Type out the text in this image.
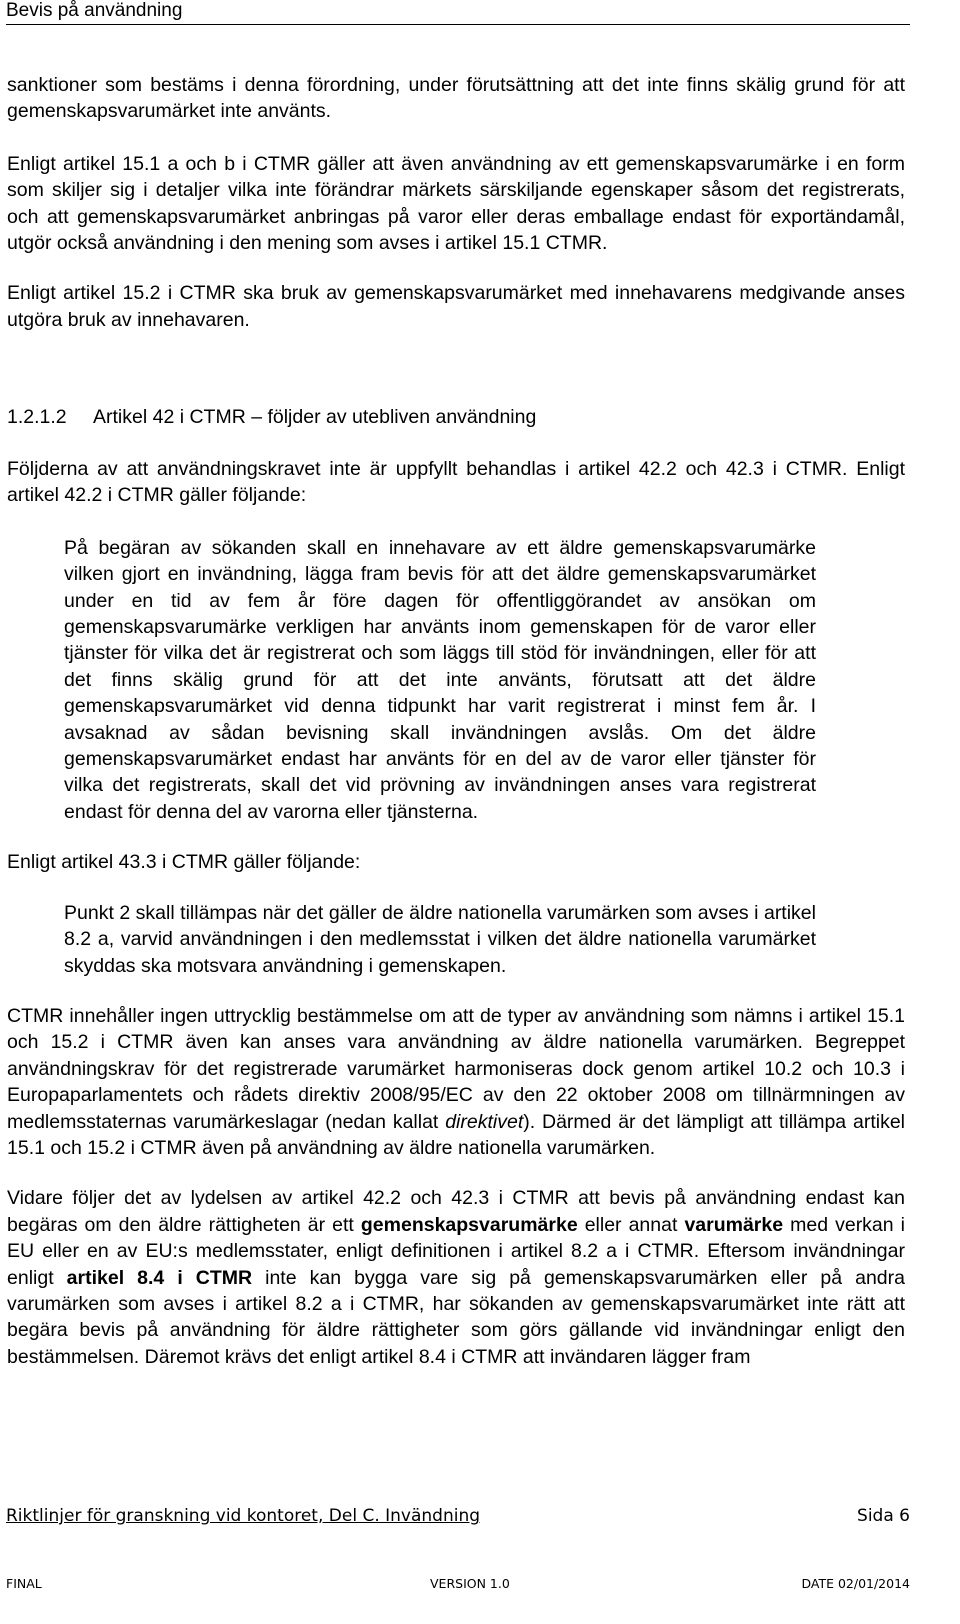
Bevis på användning

sanktioner som bestäms i denna förordning, under förutsättning att det inte finns skälig grund för att gemenskapsvarumärket inte använts.

Enligt artikel 15.1 a och b i CTMR gäller att även användning av ett gemenskapsvarumärke i en form som skiljer sig i detaljer vilka inte förändrar märkets särskiljande egenskaper såsom det registrerats, och att gemenskapsvarumärket anbringas på varor eller deras emballage endast för exportändamål, utgör också användning i den mening som avses i artikel 15.1 CTMR.

Enligt artikel 15.2 i CTMR ska bruk av gemenskapsvarumärket med innehavarens medgivande anses utgöra bruk av innehavaren.

1.2.1.2 Artikel 42 i CTMR – följder av utebliven användning

Följderna av att användningskravet inte är uppfyllt behandlas i artikel 42.2 och 42.3 i CTMR. Enligt artikel 42.2 i CTMR gäller följande:

På begäran av sökanden skall en innehavare av ett äldre gemenskapsvarumärke vilken gjort en invändning, lägga fram bevis för att det äldre gemenskapsvarumärket under en tid av fem år före dagen för offentliggörandet av ansökan om gemenskapsvarumärke verkligen har använts inom gemenskapen för de varor eller tjänster för vilka det är registrerat och som läggs till stöd för invändningen, eller för att det finns skälig grund för att det inte använts, förutsatt att det äldre gemenskapsvarumärket vid denna tidpunkt har varit registrerat i minst fem år. I avsaknad av sådan bevisning skall invändningen avslås. Om det äldre gemenskapsvarumärket endast har använts för en del av de varor eller tjänster för vilka det registrerats, skall det vid prövning av invändningen anses vara registrerat endast för denna del av varorna eller tjänsterna.

Enligt artikel 43.3 i CTMR gäller följande:

Punkt 2 skall tillämpas när det gäller de äldre nationella varumärken som avses i artikel 8.2 a, varvid användningen i den medlemsstat i vilken det äldre nationella varumärket skyddas ska motsvara användning i gemenskapen.

CTMR innehåller ingen uttrycklig bestämmelse om att de typer av användning som nämns i artikel 15.1 och 15.2 i CTMR även kan anses vara användning av äldre nationella varumärken. Begreppet användningskrav för det registrerade varumärket harmoniseras dock genom artikel 10.2 och 10.3 i Europaparlamentets och rådets direktiv 2008/95/EC av den 22 oktober 2008 om tillnärmningen av medlemsstaternas varumärkeslagar (nedan kallat direktivet). Därmed är det lämpligt att tillämpa artikel 15.1 och 15.2 i CTMR även på användning av äldre nationella varumärken.

Vidare följer det av lydelsen av artikel 42.2 och 42.3 i CTMR att bevis på användning endast kan begäras om den äldre rättigheten är ett gemenskapsvarumärke eller annat varumärke med verkan i EU eller en av EU:s medlemsstater, enligt definitionen i artikel 8.2 a i CTMR. Eftersom invändningar enligt artikel 8.4 i CTMR inte kan bygga vare sig på gemenskapsvarumärken eller på andra varumärken som avses i artikel 8.2 a i CTMR, har sökanden av gemenskapsvarumärket inte rätt att begära bevis på användning för äldre rättigheter som görs gällande vid invändningar enligt den bestämmelsen. Däremot krävs det enligt artikel 8.4 i CTMR att invändaren lägger fram

Riktlinjer för granskning vid kontoret, Del C. Invändning	Sida 6
FINAL	VERSION 1.0	DATE 02/01/2014
